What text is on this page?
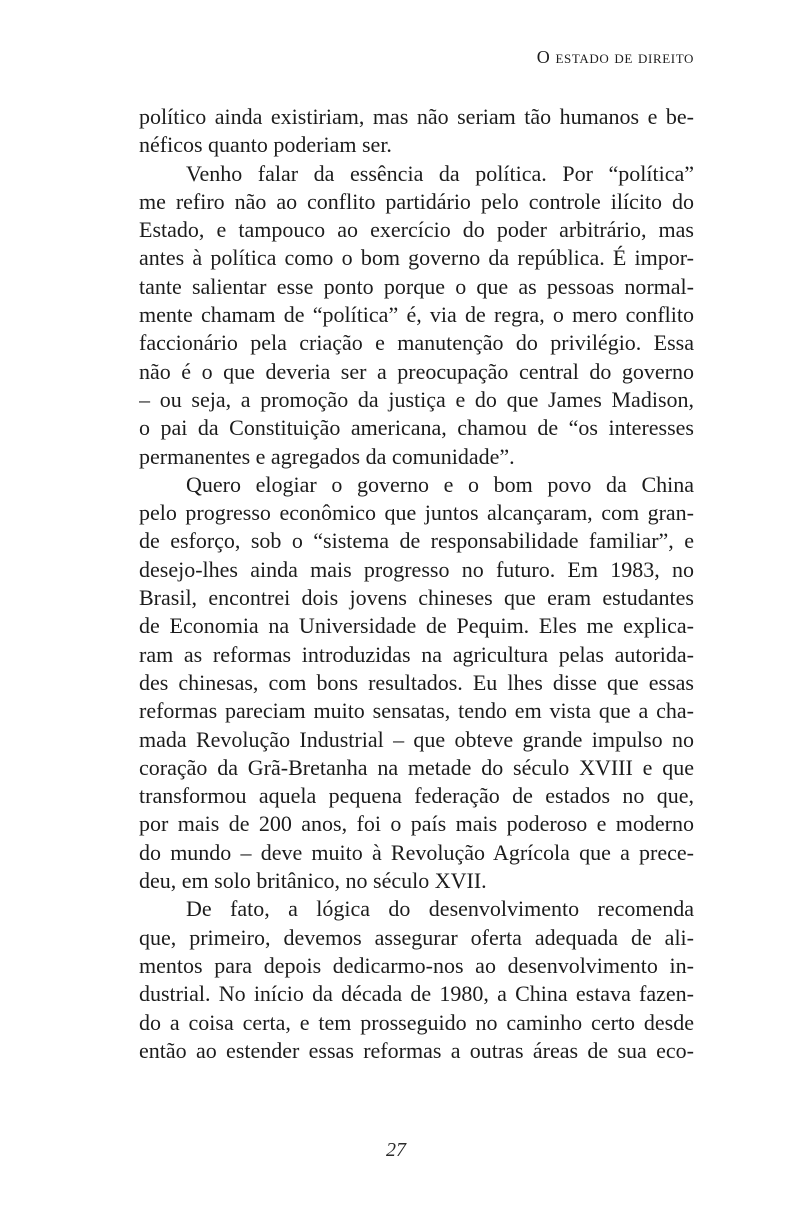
O estado de direito
político ainda existiriam, mas não seriam tão humanos e be-
néficos quanto poderiam ser.
Venho falar da essência da política. Por “política”
me refiro não ao conflito partidário pelo controle ilícito do
Estado, e tampouco ao exercício do poder arbitrário, mas
antes à política como o bom governo da república. É impor-
tante salientar esse ponto porque o que as pessoas normal-
mente chamam de “política” é, via de regra, o mero conflito
faccionário pela criação e manutenção do privilégio. Essa
não é o que deveria ser a preocupação central do governo
– ou seja, a promoção da justiça e do que James Madison,
o pai da Constituição americana, chamou de “os interesses
permanentes e agregados da comunidade”.
Quero elogiar o governo e o bom povo da China
pelo progresso econômico que juntos alcançaram, com gran-
de esforço, sob o “sistema de responsabilidade familiar”, e
desejo-lhes ainda mais progresso no futuro. Em 1983, no
Brasil, encontrei dois jovens chineses que eram estudantes
de Economia na Universidade de Pequim. Eles me explica-
ram as reformas introduzidas na agricultura pelas autorida-
des chinesas, com bons resultados. Eu lhes disse que essas
reformas pareciam muito sensatas, tendo em vista que a cha-
mada Revolução Industrial – que obteve grande impulso no
coração da Grã-Bretanha na metade do século XVIII e que
transformou aquela pequena federação de estados no que,
por mais de 200 anos, foi o país mais poderoso e moderno
do mundo – deve muito à Revolução Agrícola que a prece-
deu, em solo britânico, no século XVII.
De fato, a lógica do desenvolvimento recomenda
que, primeiro, devemos assegurar oferta adequada de ali-
mentos para depois dedicarmo-nos ao desenvolvimento in-
dustrial. No início da década de 1980, a China estava fazen-
do a coisa certa, e tem prosseguido no caminho certo desde
então ao estender essas reformas a outras áreas de sua eco-
27
